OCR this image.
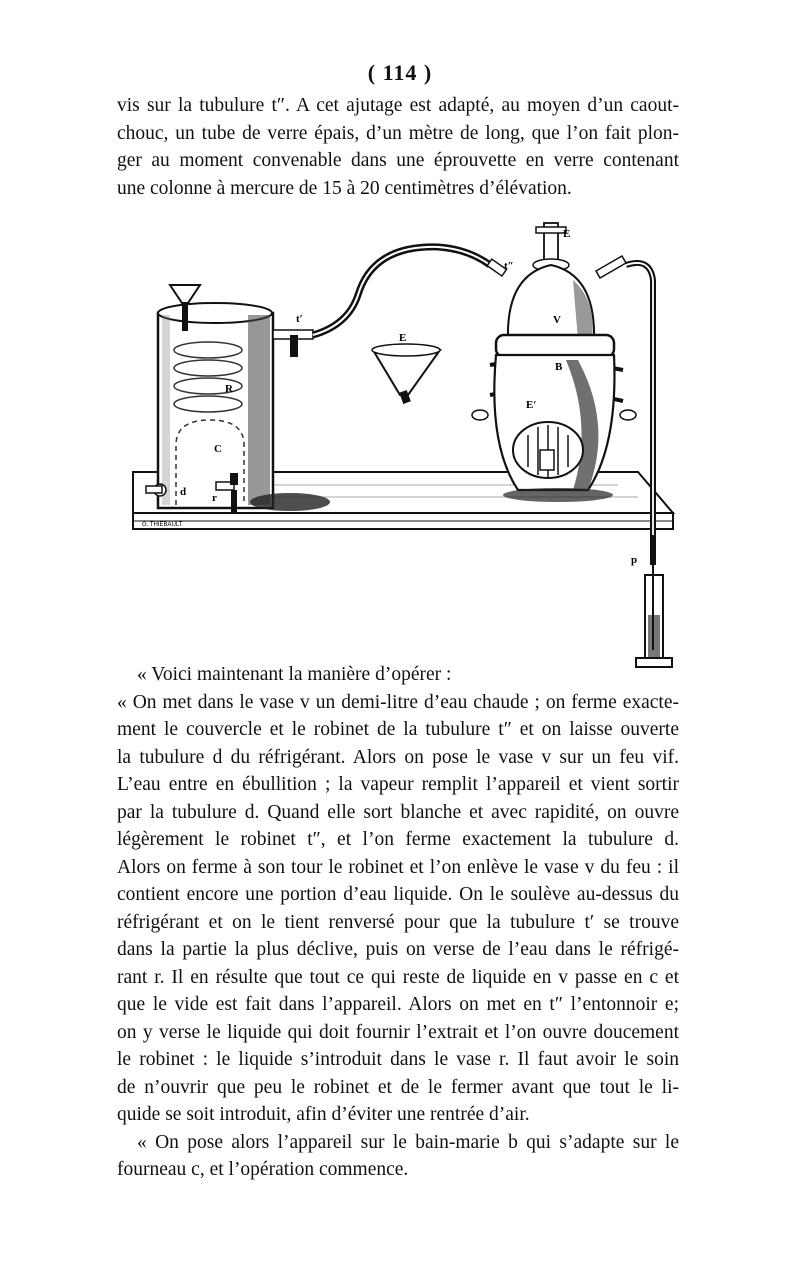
( 114 )
vis sur la tubulure t″. A cet ajutage est adapté, au moyen d’un caout-
chouc, un tube de verre épais, d’un mètre de long, que l’on fait plon-
ger au moment convenable dans une éprouvette en verre contenant
une colonne à mercure de 15 à 20 centimètres d’élévation.
G. THIEBAULT
d
R
C
r
t′
t″
E
E
V
B
E′
p
« Voici maintenant la manière d’opérer :
« On met dans le vase v un demi-litre d’eau chaude ; on ferme exacte-
ment le couvercle et le robinet de la tubulure t″ et on laisse ouverte
la tubulure d du réfrigérant. Alors on pose le vase v sur un feu vif.
L’eau entre en ébullition ; la vapeur remplit l’appareil et vient sortir
par la tubulure d. Quand elle sort blanche et avec rapidité, on ouvre
légèrement le robinet t″, et l’on ferme exactement la tubulure d.
Alors on ferme à son tour le robinet et l’on enlève le vase v du feu : il
contient encore une portion d’eau liquide. On le soulève au-dessus du
réfrigérant et on le tient renversé pour que la tubulure t′ se trouve
dans la partie la plus déclive, puis on verse de l’eau dans le réfrigé-
rant r. Il en résulte que tout ce qui reste de liquide en v passe en c et
que le vide est fait dans l’appareil. Alors on met en t″ l’entonnoir e;
on y verse le liquide qui doit fournir l’extrait et l’on ouvre doucement
le robinet : le liquide s’introduit dans le vase r. Il faut avoir le soin
de n’ouvrir que peu le robinet et de le fermer avant que tout le li-
quide se soit introduit, afin d’éviter une rentrée d’air.
« On pose alors l’appareil sur le bain-marie b qui s’adapte sur le
fourneau c, et l’opération commence.
